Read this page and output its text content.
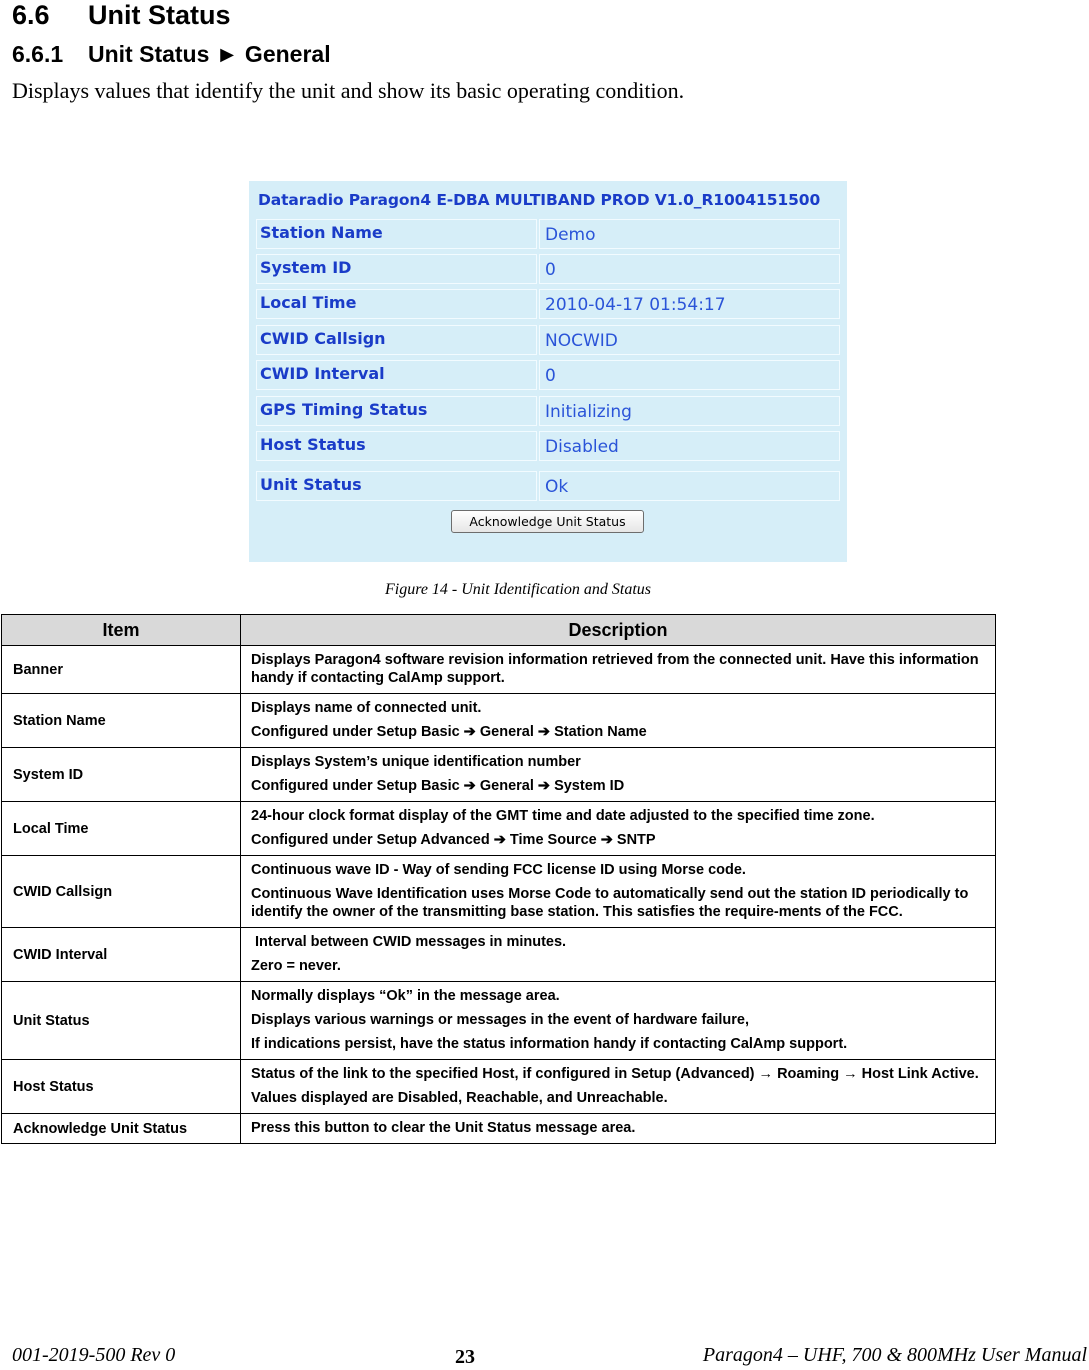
6.6 Unit Status
6.6.1 Unit Status ► General
Displays values that identify the unit and show its basic operating condition.
Dataradio Paragon4 E-DBA MULTIBAND PROD V1.0_R1004151500
Station Name	Demo
System ID	0
Local Time	2010-04-17 01:54:17
CWID Callsign	NOCWID
CWID Interval	0
GPS Timing Status	Initializing
Host Status	Disabled
Unit Status	Ok
Acknowledge Unit Status
Figure 14 - Unit Identification and Status
Item	Description
Banner	Displays Paragon4 software revision information retrieved from the connected unit. Have this information handy if contacting CalAmp support.

Station Name	Displays name of connected unit.

Configured under Setup Basic ➔ General ➔ Station Name

System ID	Displays System’s unique identification number

Configured under Setup Basic ➔ General ➔ System ID

Local Time	24-hour clock format display of the GMT time and date adjusted to the specified time zone.

Configured under Setup Advanced ➔ Time Source ➔ SNTP

CWID Callsign	Continuous wave ID - Way of sending FCC license ID using Morse code.

Continuous Wave Identification uses Morse Code to automatically send out the station ID periodically to identify the owner of the transmitting base station. This satisfies the require-ments of the FCC.

CWID Interval	Interval between CWID messages in minutes.

Zero = never.

Unit Status	Normally displays “Ok” in the message area.

Displays various warnings or messages in the event of hardware failure,

If indications persist, have the status information handy if contacting CalAmp support.

Host Status	Status of the link to the specified Host, if configured in Setup (Advanced) → Roaming → Host Link Active.

Values displayed are Disabled, Reachable, and Unreachable.

Acknowledge Unit Status	Press this button to clear the Unit Status message area.

001-2019-500 Rev 0	23	Paragon4 – UHF, 700 & 800MHz User Manual
